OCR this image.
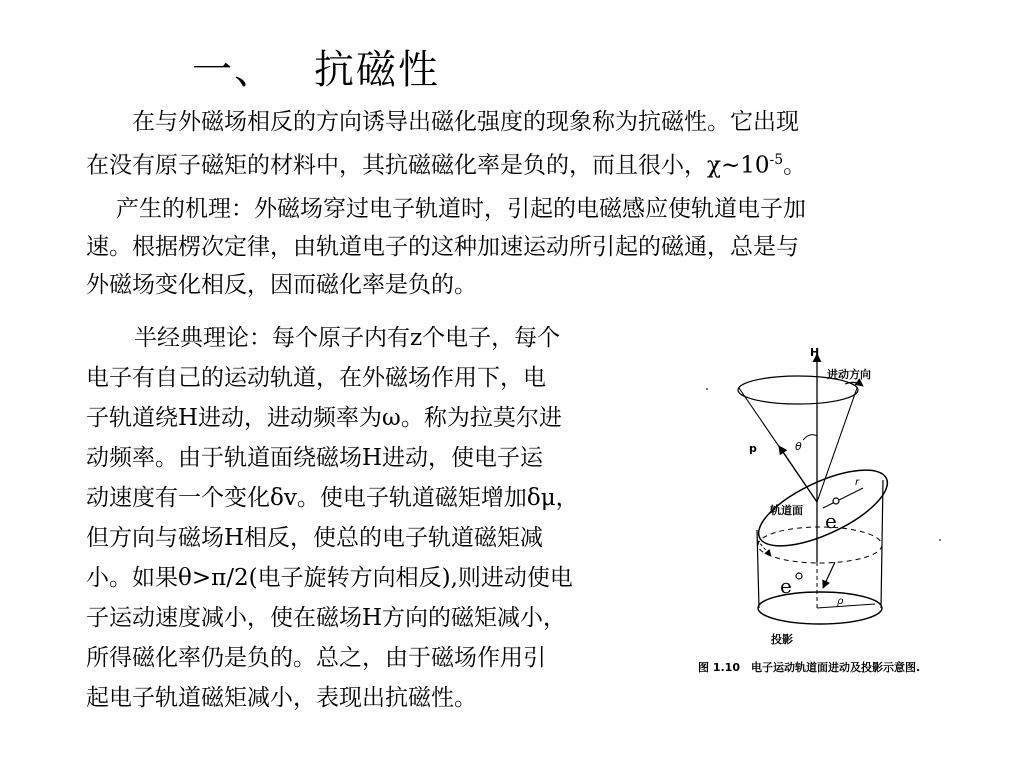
一、 抗磁性
在与外磁场相反的方向诱导出磁化强度的现象称为抗磁性。它出现
在没有原子磁矩的材料中，其抗磁磁化率是负的，而且很小，$\chi\sim 10^{-5}$。
产生的机理：外磁场穿过电子轨道时，引起的电磁感应使轨道电子加
速。根据楞次定律，由轨道电子的这种加速运动所引起的磁通，总是与
外磁场变化相反，因而磁化率是负的。
半经典理论：每个原子内有z个电子，每个
电子有自己的运动轨道，在外磁场作用下，电
子轨道绕H进动，进动频率为ω。称为拉莫尔进
动频率。由于轨道面绕磁场H进动，使电子运
动速度有一个变化δv。使电子轨道磁矩增加δμ，
但方向与磁场H相反，使总的电子轨道磁矩减
小。如果θ>π/2(电子旋转方向相反),则进动使电
子运动速度减小，使在磁场H方向的磁矩减小，
所得磁化率仍是负的。总之，由于磁场作用引
起电子轨道磁矩减小，表现出抗磁性。
H
进动方向
p	θ
轨道面
r
e
e
ρ
投影
图 1.10　电子运动轨道面进动及投影示意图.
